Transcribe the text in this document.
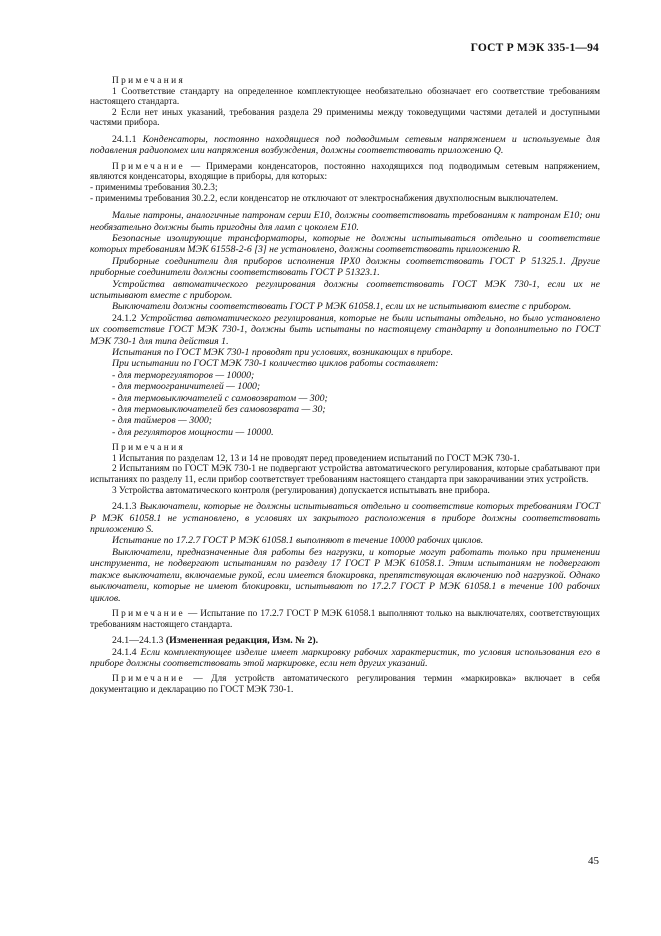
ГОСТ Р МЭК 335-1—94

Примечания

1 Соответствие стандарту на определенное комплектующее необязательно обозначает его соответствие требованиям настоящего стандарта.

2 Если нет иных указаний, требования раздела 29 применимы между токоведущими частями деталей и доступными частями прибора.

24.1.1 Конденсаторы, постоянно находящиеся под подводимым сетевым напряжением и используемые для подавления радиопомех или напряжения возбуждения, должны соответствовать приложению Q.

Примечание — Примерами конденсаторов, постоянно находящихся под подводимым сетевым напряжением, являются конденсаторы, входящие в приборы, для которых:

- применимы требования 30.2.3;

- применимы требования 30.2.2, если конденсатор не отключают от электроснабжения двухполюсным выключателем.

Малые патроны, аналогичные патронам серии E10, должны соответствовать требованиям к патронам E10; они необязательно должны быть пригодны для ламп с цоколем E10.

Безопасные изолирующие трансформаторы, которые не должны испытываться отдельно и соответствие которых требованиям МЭК 61558-2-6 [3] не установлено, должны соответствовать приложению R.

Приборные соединители для приборов исполнения IPX0 должны соответствовать ГОСТ Р 51325.1. Другие приборные соединители должны соответствовать ГОСТ Р 51323.1.

Устройства автоматического регулирования должны соответствовать ГОСТ МЭК 730-1, если их не испытывают вместе с прибором.

Выключатели должны соответствовать ГОСТ Р МЭК 61058.1, если их не испытывают вместе с прибором.

24.1.2 Устройства автоматического регулирования, которые не были испытаны отдельно, но было установлено их соответствие ГОСТ МЭК 730-1, должны быть испытаны по настоящему стандарту и дополнительно по ГОСТ МЭК 730-1 для типа действия 1.

Испытания по ГОСТ МЭК 730-1 проводят при условиях, возникающих в приборе.

При испытании по ГОСТ МЭК 730-1 количество циклов работы составляет:

- для терморегуляторов — 10000;

- для термоограничителей — 1000;

- для термовыключателей с самовозвратом — 300;

- для термовыключателей без самовозврата — 30;

- для таймеров — 3000;

- для регуляторов мощности — 10000.

Примечания

1 Испытания по разделам 12, 13 и 14 не проводят перед проведением испытаний по ГОСТ МЭК 730-1.

2 Испытаниям по ГОСТ МЭК 730-1 не подвергают устройства автоматического регулирования, которые срабатывают при испытаниях по разделу 11, если прибор соответствует требованиям настоящего стандарта при закорачивании этих устройств.

3 Устройства автоматического контроля (регулирования) допускается испытывать вне прибора.

24.1.3 Выключатели, которые не должны испытываться отдельно и соответствие которых требованиям ГОСТ Р МЭК 61058.1 не установлено, в условиях их закрытого расположения в приборе должны соответствовать приложению S.

Испытание по 17.2.7 ГОСТ Р МЭК 61058.1 выполняют в течение 10000 рабочих циклов.

Выключатели, предназначенные для работы без нагрузки, и которые могут работать только при применении инструмента, не подвергают испытаниям по разделу 17 ГОСТ Р МЭК 61058.1. Этим испытаниям не подвергают также выключатели, включаемые рукой, если имеется блокировка, препятствующая включению под нагрузкой. Однако выключатели, которые не имеют блокировки, испытывают по 17.2.7 ГОСТ Р МЭК 61058.1 в течение 100 рабочих циклов.

Примечание — Испытание по 17.2.7 ГОСТ Р МЭК 61058.1 выполняют только на выключателях, соответствующих требованиям настоящего стандарта.

24.1—24.1.3 (Измененная редакция, Изм. № 2).

24.1.4 Если комплектующее изделие имеет маркировку рабочих характеристик, то условия использования его в приборе должны соответствовать этой маркировке, если нет других указаний.

Примечание — Для устройств автоматического регулирования термин «маркировка» включает в себя документацию и декларацию по ГОСТ МЭК 730-1.

45
